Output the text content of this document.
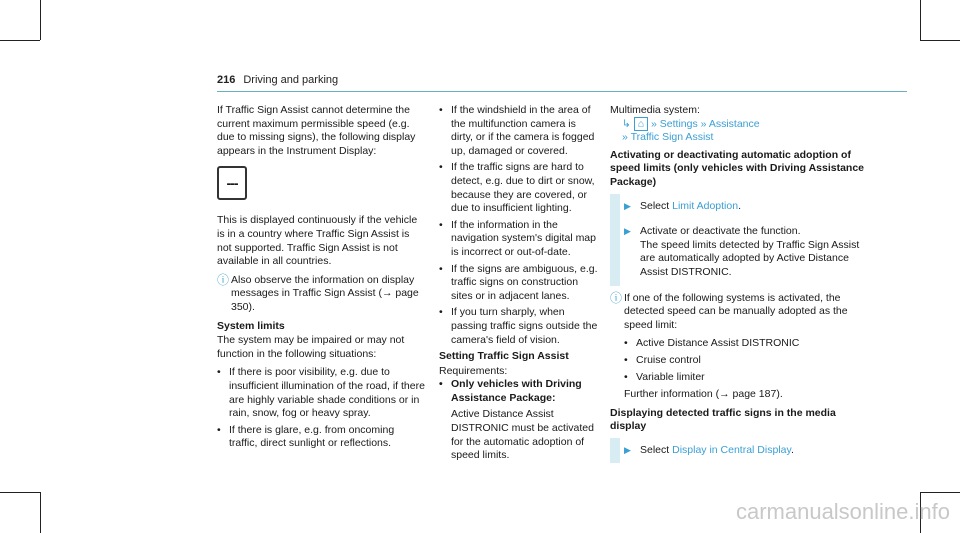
216 Driving and parking

If Traffic Sign Assist cannot determine the current maximum permissible speed (e.g. due to missing signs), the following display appears in the Instrument Display:

---

This is displayed continuously if the vehicle is in a country where Traffic Sign Assist is not supported. Traffic Sign Assist is not available in all countries.

ⓘ Also observe the information on display messages in Traffic Sign Assist (→ page 350).

System limits

The system may be impaired or may not function in the following situations:

• If there is poor visibility, e.g. due to insufficient illumination of the road, if there are highly variable shade conditions or in rain, snow, fog or heavy spray.
• If there is glare, e.g. from oncoming traffic, direct sunlight or reflections.
• If the windshield in the area of the multifunction camera is dirty, or if the camera is fogged up, damaged or covered.
• If the traffic signs are hard to detect, e.g. due to dirt or snow, because they are covered, or due to insufficient lighting.
• If the information in the navigation system's digital map is incorrect or out-of-date.
• If the signs are ambiguous, e.g. traffic signs on construction sites or in adjacent lanes.
• If you turn sharply, when passing traffic signs outside the camera's field of vision.
Setting Traffic Sign Assist
Requirements:
• Only vehicles with Driving Assistance Package:

Active Distance Assist DISTRONIC must be activated for the automatic adoption of speed limits.

Multimedia system:
↳ ⌂ » Settings » Assistance
» Traffic Sign Assist
Activating or deactivating automatic adoption of speed limits (only vehicles with Driving Assistance Package)
▶ Select Limit Adoption.
▶ Activate or deactivate the function.
The speed limits detected by Traffic Sign Assist are automatically adopted by Active Distance Assist DISTRONIC.

ⓘ If one of the following systems is activated, the detected speed can be manually adopted as the speed limit:

• Active Distance Assist DISTRONIC
• Cruise control
• Variable limiter

Further information (→ page 187).

Displaying detected traffic signs in the media display
▶ Select Display in Central Display.
carmanualsonline.info
